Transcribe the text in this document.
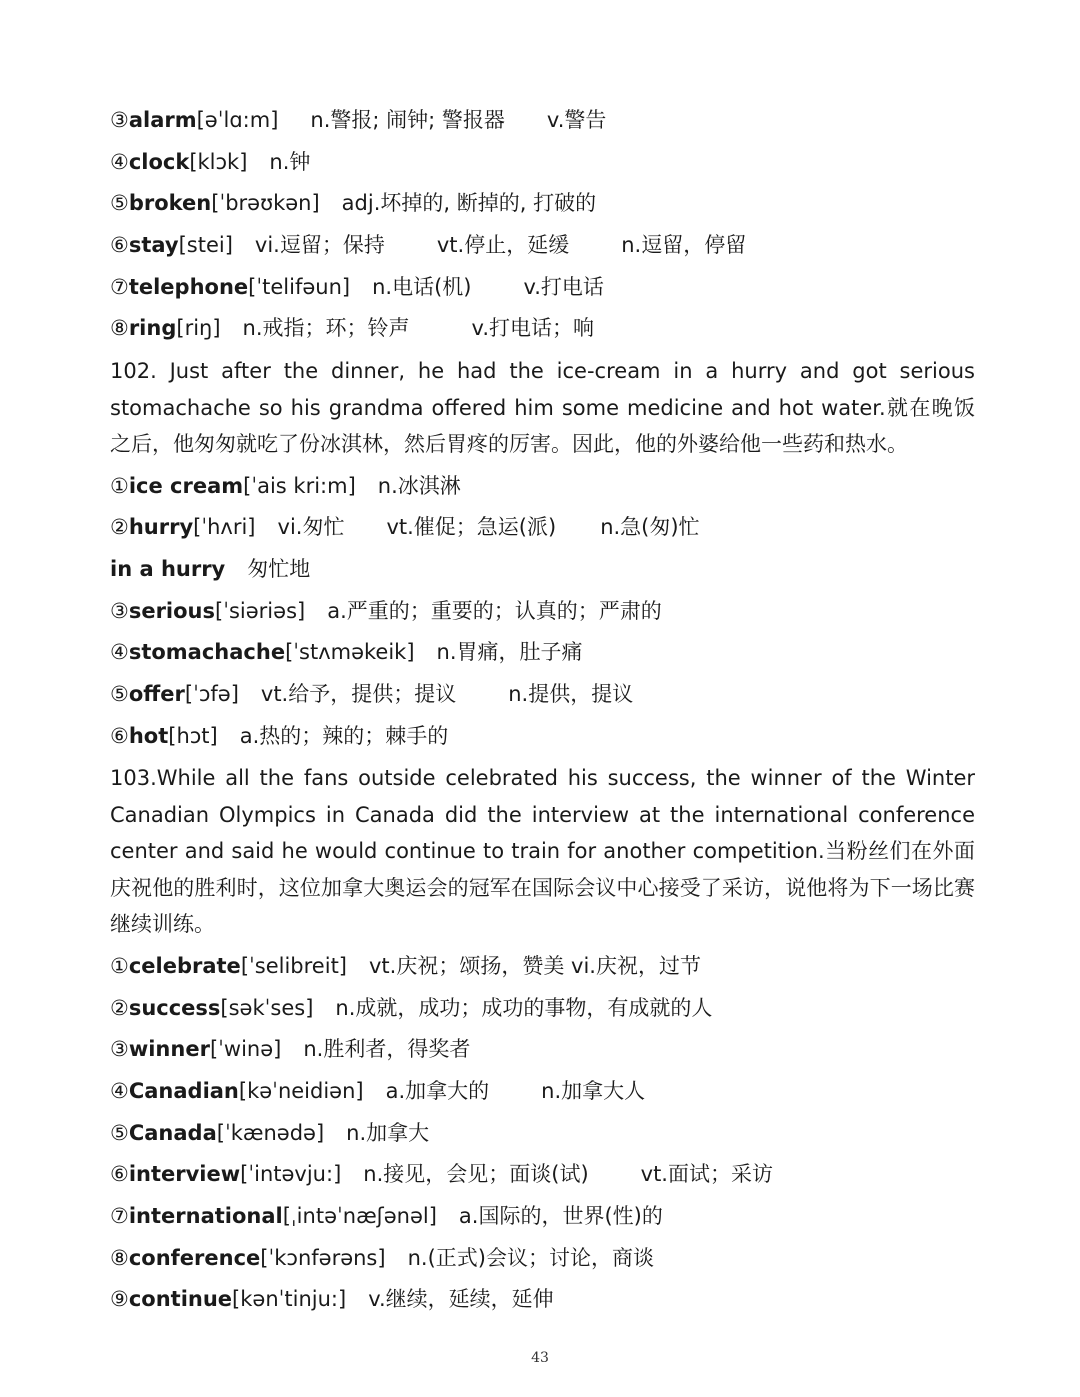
③alarm[əˈlɑ:m] n.警报; 闹钟; 警报器 v.警告
④clock[klɔk] n.钟
⑤broken[ˈbrəʊkən] adj.坏掉的, 断掉的, 打破的
⑥stay[stei] vi.逗留；保持 vt.停止，延缓 n.逗留，停留
⑦telephone[ˈtelifəun] n.电话(机) v.打电话
⑧ring[riŋ] n.戒指；环；铃声	v.打电话；响

102. Just after the dinner, he had the ice-cream in a hurry and got serious stomachache so his grandma offered him some medicine and hot water.就在晚饭之后，他匆匆就吃了份冰淇林，然后胃疼的厉害。因此，他的外婆给他一些药和热水。

①ice cream[ˈais kri:m] n.冰淇淋
②hurry[ˈhʌri] vi.匆忙 vt.催促；急运(派) n.急(匆)忙
in a hurry 匆忙地
③serious[ˈsiəriəs] a.严重的；重要的；认真的；严肃的
④stomachache[ˈstʌməkeik] n.胃痛，肚子痛
⑤offer[ˈɔfə] vt.给予，提供；提议 n.提供，提议
⑥hot[hɔt] a.热的；辣的；棘手的

103.While all the fans outside celebrated his success, the winner of the Winter Canadian Olympics in Canada did the interview at the international conference center and said he would continue to train for another competition.当粉丝们在外面庆祝他的胜利时，这位加拿大奥运会的冠军在国际会议中心接受了采访，说他将为下一场比赛继续训练。

①celebrate[ˈselibreit] vt.庆祝；颂扬，赞美 vi.庆祝，过节
②success[səkˈses] n.成就，成功；成功的事物，有成就的人
③winner[ˈwinə] n.胜利者，得奖者
④Canadian[kəˈneidiən] a.加拿大的 n.加拿大人
⑤Canada[ˈkænədə] n.加拿大
⑥interview[ˈintəvju:] n.接见，会见；面谈(试) vt.面试；采访
⑦international[ˌintəˈnæʃənəl] a.国际的，世界(性)的
⑧conference[ˈkɔnfərəns] n.(正式)会议；讨论，商谈
⑨continue[kənˈtinju:] v.继续，延续，延伸
43
